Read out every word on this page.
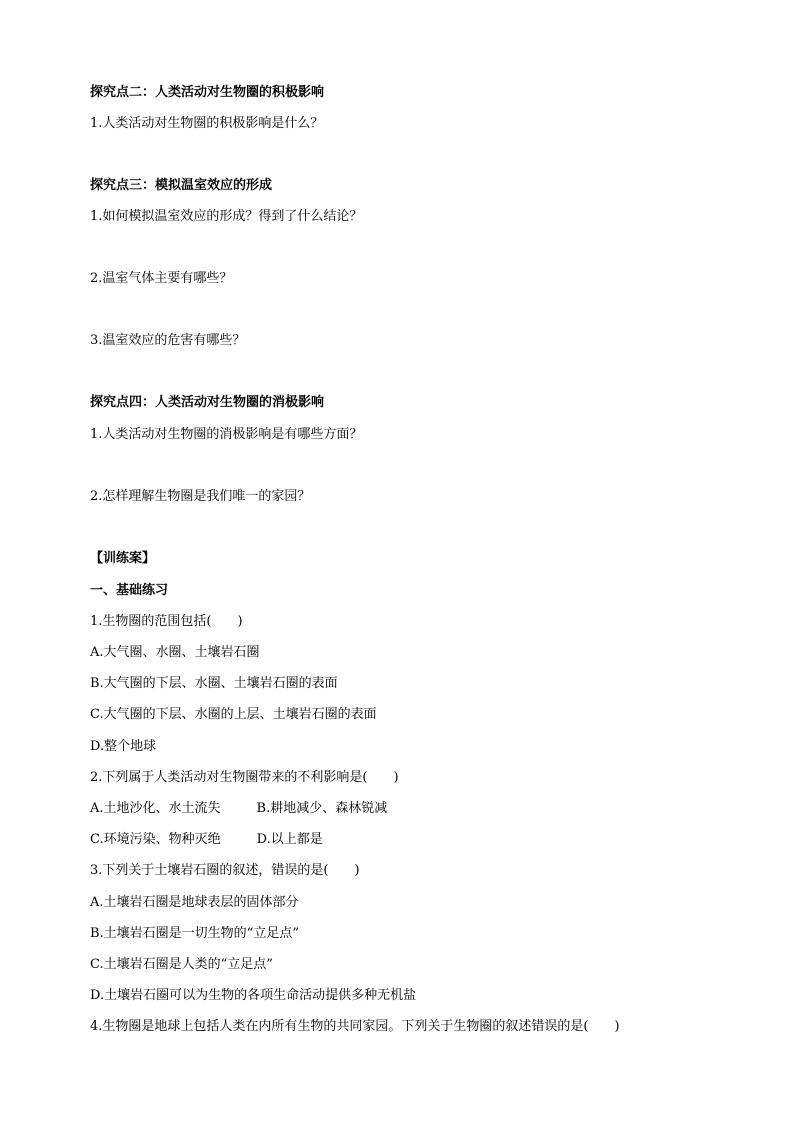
探究点二：人类活动对生物圈的积极影响
1.人类活动对生物圈的积极影响是什么？
探究点三：模拟温室效应的形成
1.如何模拟温室效应的形成？得到了什么结论？
2.温室气体主要有哪些？
3.温室效应的危害有哪些？
探究点四：人类活动对生物圈的消极影响
1.人类活动对生物圈的消极影响是有哪些方面？
2.怎样理解生物圈是我们唯一的家园？
【训练案】
一、基础练习
1.生物圈的范围包括(　　)
A.大气圈、水圈、土壤岩石圈
B.大气圈的下层、水圈、土壤岩石圈的表面
C.大气圈的下层、水圈的上层、土壤岩石圈的表面
D.整个地球
2.下列属于人类活动对生物圈带来的不利影响是(　　)
A.土地沙化、水土流失	B.耕地减少、森林锐减
C.环境污染、物种灭绝	D.以上都是
3.下列关于土壤岩石圈的叙述，错误的是(　　)
A.土壤岩石圈是地球表层的固体部分
B.土壤岩石圈是一切生物的“立足点”
C.土壤岩石圈是人类的“立足点”
D.土壤岩石圈可以为生物的各项生命活动提供多种无机盐
4.生物圈是地球上包括人类在内所有生物的共同家园。下列关于生物圈的叙述错误的是(　　)
